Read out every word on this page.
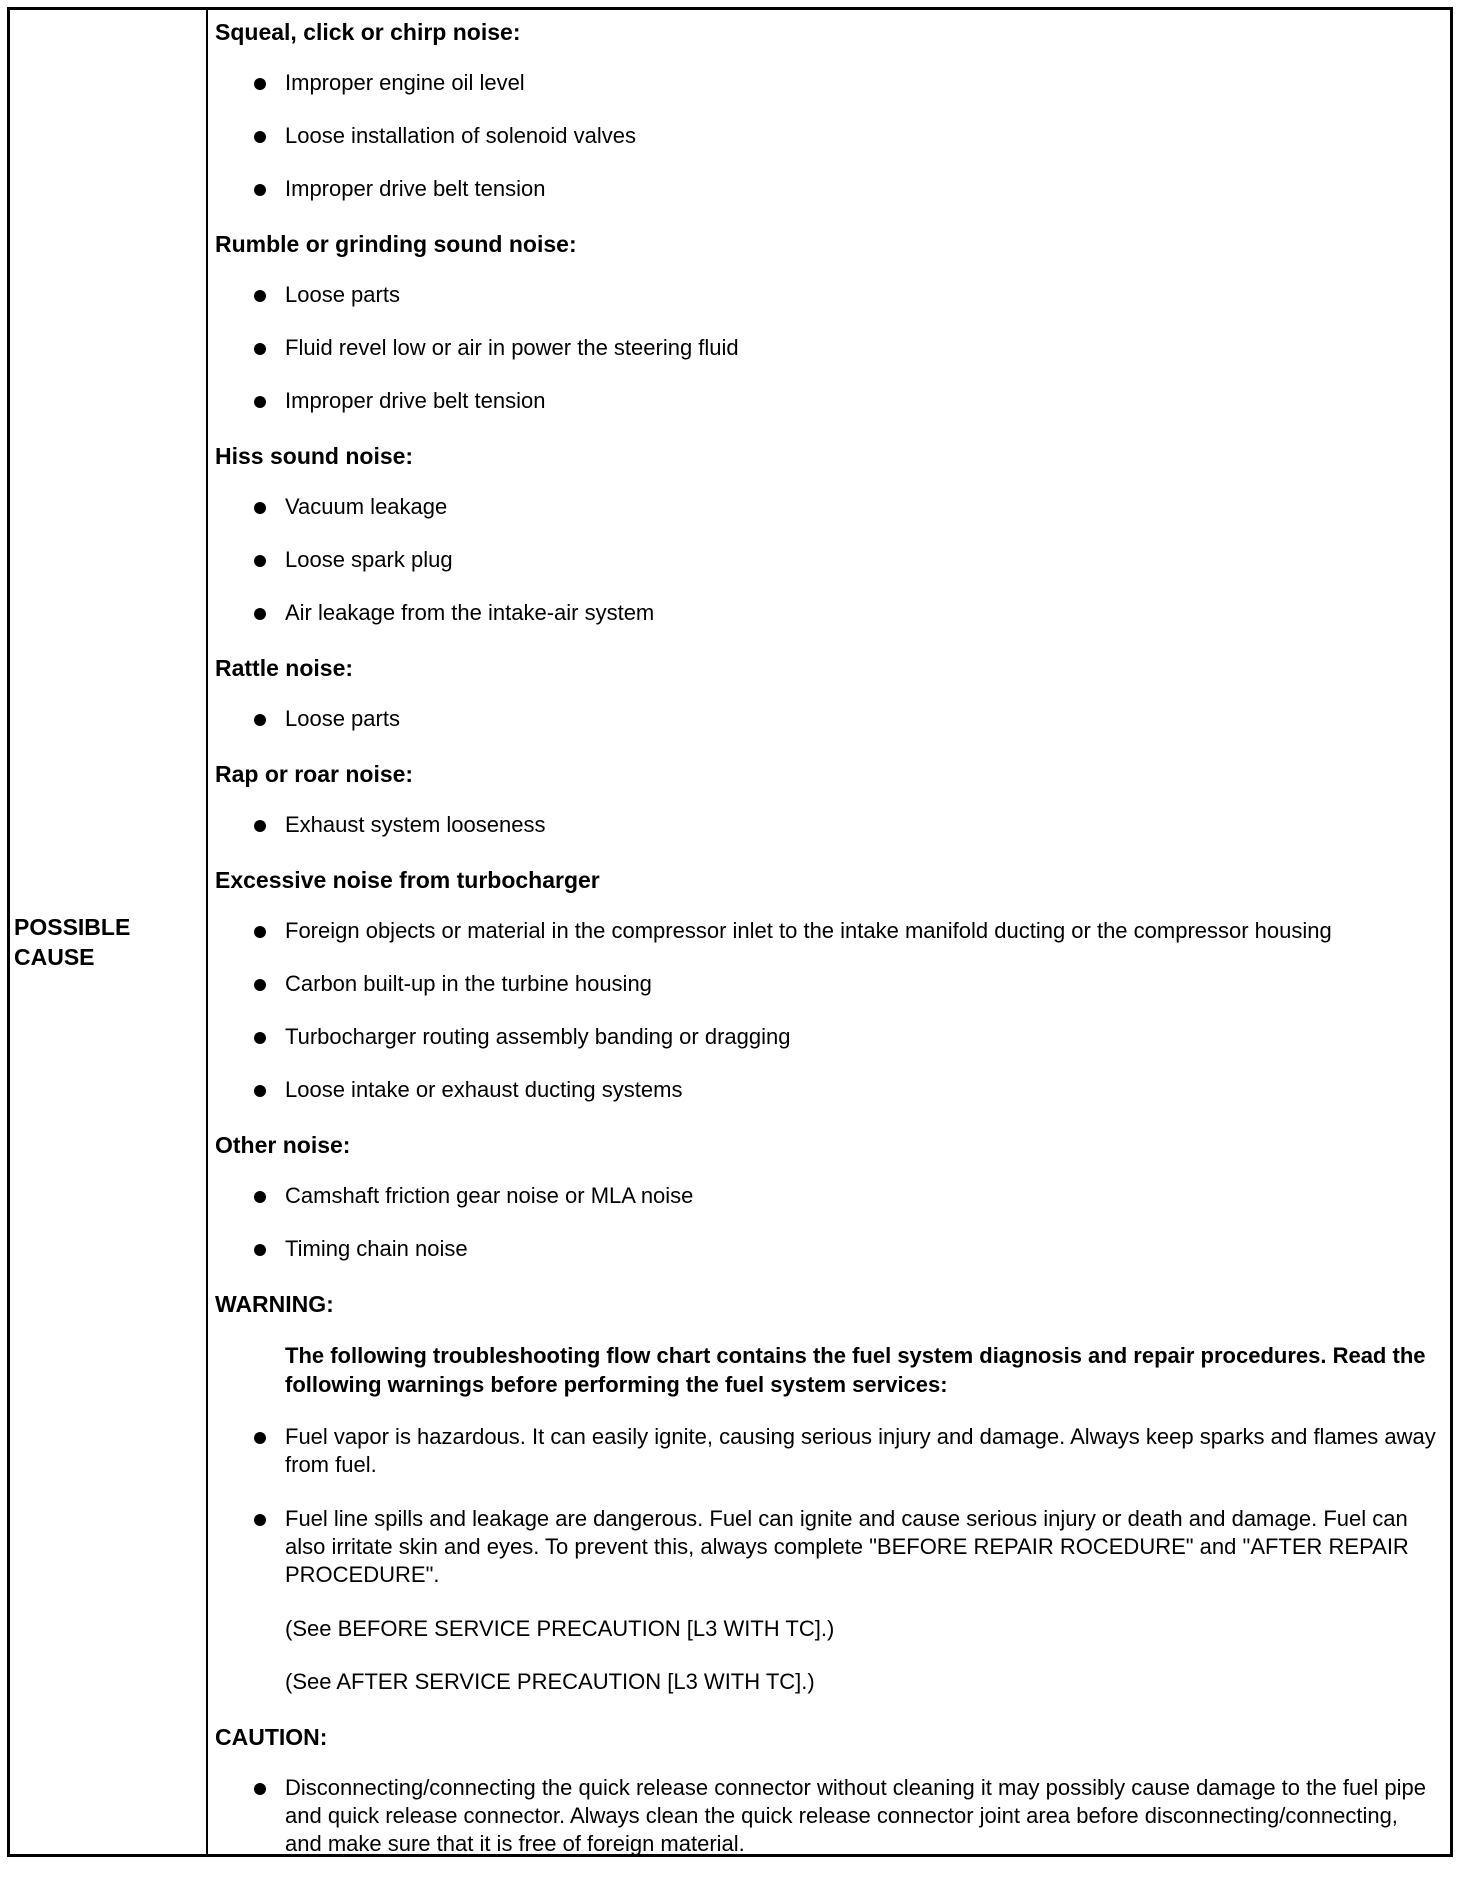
POSSIBLE CAUSE
Squeal, click or chirp noise:
Improper engine oil level
Loose installation of solenoid valves
Improper drive belt tension
Rumble or grinding sound noise:
Loose parts
Fluid revel low or air in power the steering fluid
Improper drive belt tension
Hiss sound noise:
Vacuum leakage
Loose spark plug
Air leakage from the intake-air system
Rattle noise:
Loose parts
Rap or roar noise:
Exhaust system looseness
Excessive noise from turbocharger
Foreign objects or material in the compressor inlet to the intake manifold ducting or the compressor housing
Carbon built-up in the turbine housing
Turbocharger routing assembly banding or dragging
Loose intake or exhaust ducting systems
Other noise:
Camshaft friction gear noise or MLA noise
Timing chain noise
WARNING:
The following troubleshooting flow chart contains the fuel system diagnosis and repair procedures. Read the following warnings before performing the fuel system services:
Fuel vapor is hazardous. It can easily ignite, causing serious injury and damage. Always keep sparks and flames away from fuel.
Fuel line spills and leakage are dangerous. Fuel can ignite and cause serious injury or death and damage. Fuel can also irritate skin and eyes. To prevent this, always complete "BEFORE REPAIR ROCEDURE" and "AFTER REPAIR PROCEDURE".
(See BEFORE SERVICE PRECAUTION [L3 WITH TC].)
(See AFTER SERVICE PRECAUTION [L3 WITH TC].)
CAUTION:
Disconnecting/connecting the quick release connector without cleaning it may possibly cause damage to the fuel pipe and quick release connector. Always clean the quick release connector joint area before disconnecting/connecting, and make sure that it is free of foreign material.
